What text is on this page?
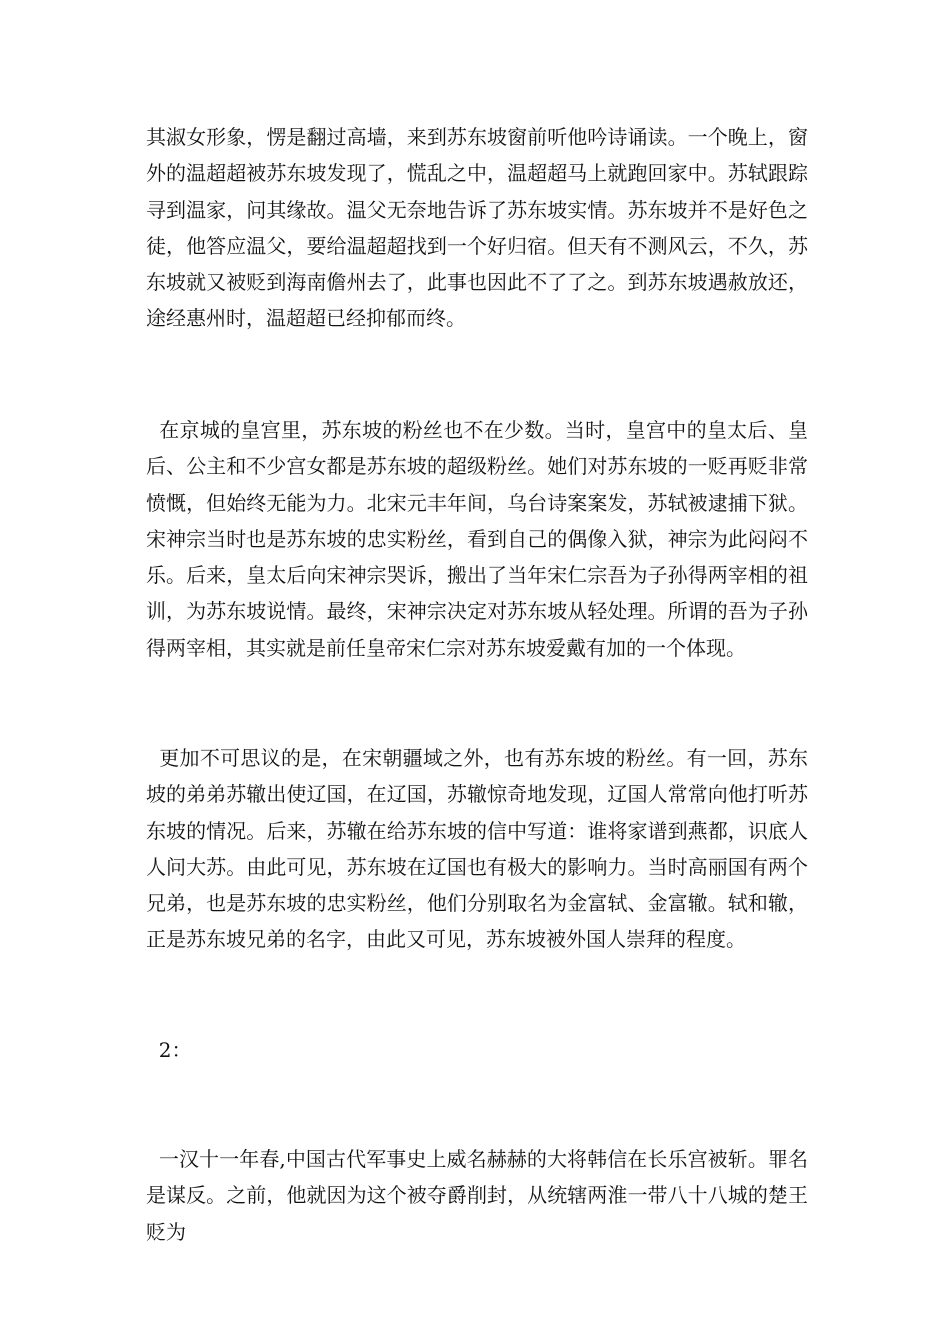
其淑女形象，愣是翻过高墙，来到苏东坡窗前听他吟诗诵读。一个晚上，窗外的温超超被苏东坡发现了，慌乱之中，温超超马上就跑回家中。苏轼跟踪寻到温家，问其缘故。温父无奈地告诉了苏东坡实情。苏东坡并不是好色之徒，他答应温父，要给温超超找到一个好归宿。但天有不测风云，不久，苏东坡就又被贬到海南儋州去了，此事也因此不了了之。到苏东坡遇赦放还，途经惠州时，温超超已经抑郁而终。

在京城的皇宫里，苏东坡的粉丝也不在少数。当时，皇宫中的皇太后、皇后、公主和不少宫女都是苏东坡的超级粉丝。她们对苏东坡的一贬再贬非常愤慨，但始终无能为力。北宋元丰年间，乌台诗案案发，苏轼被逮捕下狱。宋神宗当时也是苏东坡的忠实粉丝，看到自己的偶像入狱，神宗为此闷闷不乐。后来，皇太后向宋神宗哭诉，搬出了当年宋仁宗吾为子孙得两宰相的祖训，为苏东坡说情。最终，宋神宗决定对苏东坡从轻处理。所谓的吾为子孙得两宰相，其实就是前任皇帝宋仁宗对苏东坡爱戴有加的一个体现。

更加不可思议的是，在宋朝疆域之外，也有苏东坡的粉丝。有一回，苏东坡的弟弟苏辙出使辽国，在辽国，苏辙惊奇地发现，辽国人常常向他打听苏东坡的情况。后来，苏辙在给苏东坡的信中写道：谁将家谱到燕都，识底人人问大苏。由此可见，苏东坡在辽国也有极大的影响力。当时高丽国有两个兄弟，也是苏东坡的忠实粉丝，他们分别取名为金富轼、金富辙。轼和辙，正是苏东坡兄弟的名字，由此又可见，苏东坡被外国人崇拜的程度。

2：

一汉十一年春,中国古代军事史上威名赫赫的大将韩信在长乐宫被斩。罪名是谋反。之前，他就因为这个被夺爵削封，从统辖两淮一带八十八城的楚王贬为
